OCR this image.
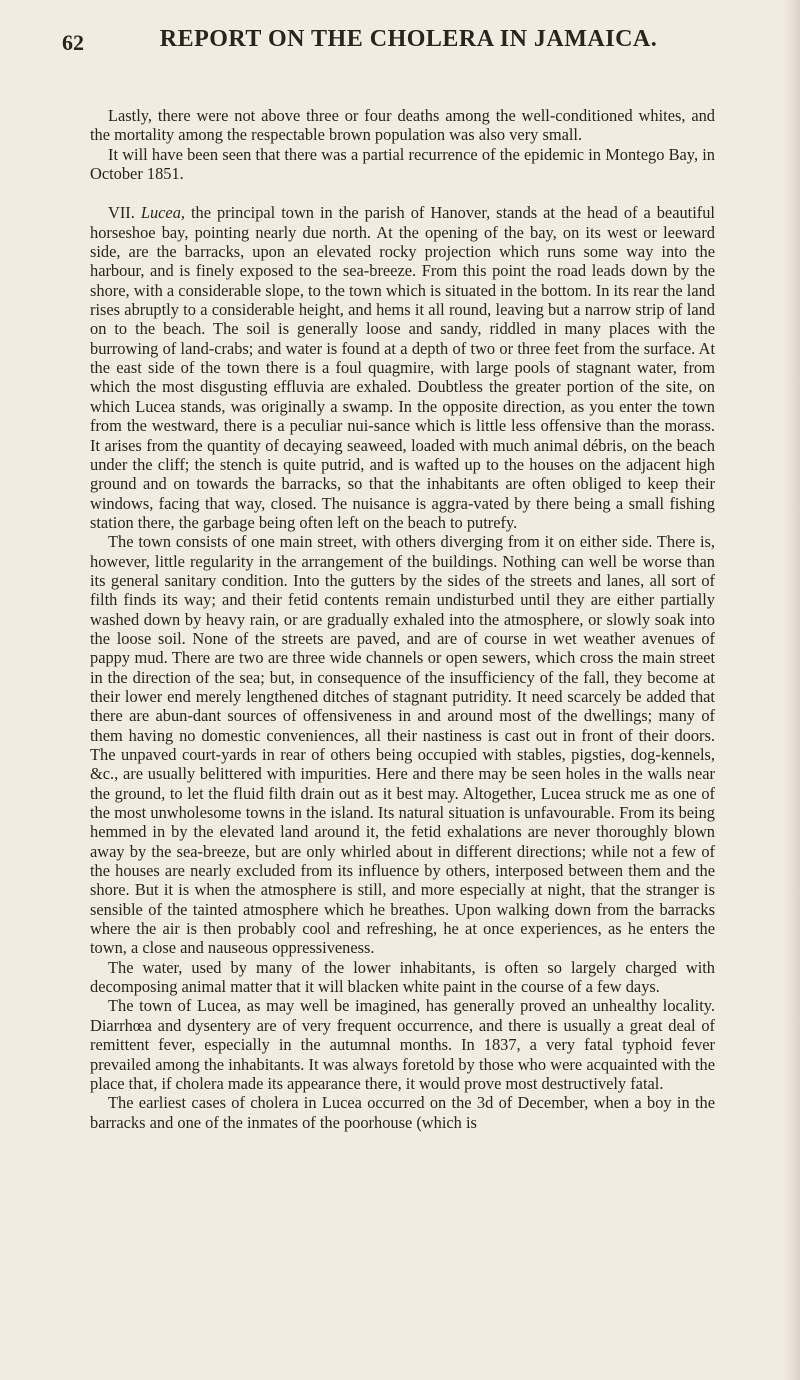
62	REPORT ON THE CHOLERA IN JAMAICA.

Lastly, there were not above three or four deaths among the well-conditioned whites, and the mortality among the respectable brown population was also very small.

It will have been seen that there was a partial recurrence of the epidemic in Montego Bay, in October 1851.

VII. Lucea, the principal town in the parish of Hanover, stands at the head of a beautiful horseshoe bay, pointing nearly due north. At the opening of the bay, on its west or leeward side, are the barracks, upon an elevated rocky projection which runs some way into the harbour, and is finely exposed to the sea-breeze. From this point the road leads down by the shore, with a considerable slope, to the town which is situated in the bottom. In its rear the land rises abruptly to a considerable height, and hems it all round, leaving but a narrow strip of land on to the beach. The soil is generally loose and sandy, riddled in many places with the burrowing of land-crabs; and water is found at a depth of two or three feet from the surface. At the east side of the town there is a foul quagmire, with large pools of stagnant water, from which the most disgusting effluvia are exhaled. Doubtless the greater portion of the site, on which Lucea stands, was originally a swamp. In the opposite direction, as you enter the town from the westward, there is a peculiar nui-sance which is little less offensive than the morass. It arises from the quantity of decaying seaweed, loaded with much animal débris, on the beach under the cliff; the stench is quite putrid, and is wafted up to the houses on the adjacent high ground and on towards the barracks, so that the inhabitants are often obliged to keep their windows, facing that way, closed. The nuisance is aggra-vated by there being a small fishing station there, the garbage being often left on the beach to putrefy.

The town consists of one main street, with others diverging from it on either side. There is, however, little regularity in the arrangement of the buildings. Nothing can well be worse than its general sanitary condition. Into the gutters by the sides of the streets and lanes, all sort of filth finds its way; and their fetid contents remain undisturbed until they are either partially washed down by heavy rain, or are gradually exhaled into the atmosphere, or slowly soak into the loose soil. None of the streets are paved, and are of course in wet weather avenues of pappy mud. There are two are three wide channels or open sewers, which cross the main street in the direction of the sea; but, in consequence of the insufficiency of the fall, they become at their lower end merely lengthened ditches of stagnant putridity. It need scarcely be added that there are abun-dant sources of offensiveness in and around most of the dwellings; many of them having no domestic conveniences, all their nastiness is cast out in front of their doors. The unpaved court-yards in rear of others being occupied with stables, pigsties, dog-kennels, &c., are usually belittered with impurities. Here and there may be seen holes in the walls near the ground, to let the fluid filth drain out as it best may. Altogether, Lucea struck me as one of the most unwholesome towns in the island. Its natural situation is unfavourable. From its being hemmed in by the elevated land around it, the fetid exhalations are never thoroughly blown away by the sea-breeze, but are only whirled about in different directions; while not a few of the houses are nearly excluded from its influence by others, interposed between them and the shore. But it is when the atmosphere is still, and more especially at night, that the stranger is sensible of the tainted atmosphere which he breathes. Upon walking down from the barracks where the air is then probably cool and refreshing, he at once experiences, as he enters the town, a close and nauseous oppressiveness.

The water, used by many of the lower inhabitants, is often so largely charged with decomposing animal matter that it will blacken white paint in the course of a few days.

The town of Lucea, as may well be imagined, has generally proved an unhealthy locality. Diarrhœa and dysentery are of very frequent occurrence, and there is usually a great deal of remittent fever, especially in the autumnal months. In 1837, a very fatal typhoid fever prevailed among the inhabitants. It was always foretold by those who were acquainted with the place that, if cholera made its appearance there, it would prove most destructively fatal.

The earliest cases of cholera in Lucea occurred on the 3d of December, when a boy in the barracks and one of the inmates of the poorhouse (which is
